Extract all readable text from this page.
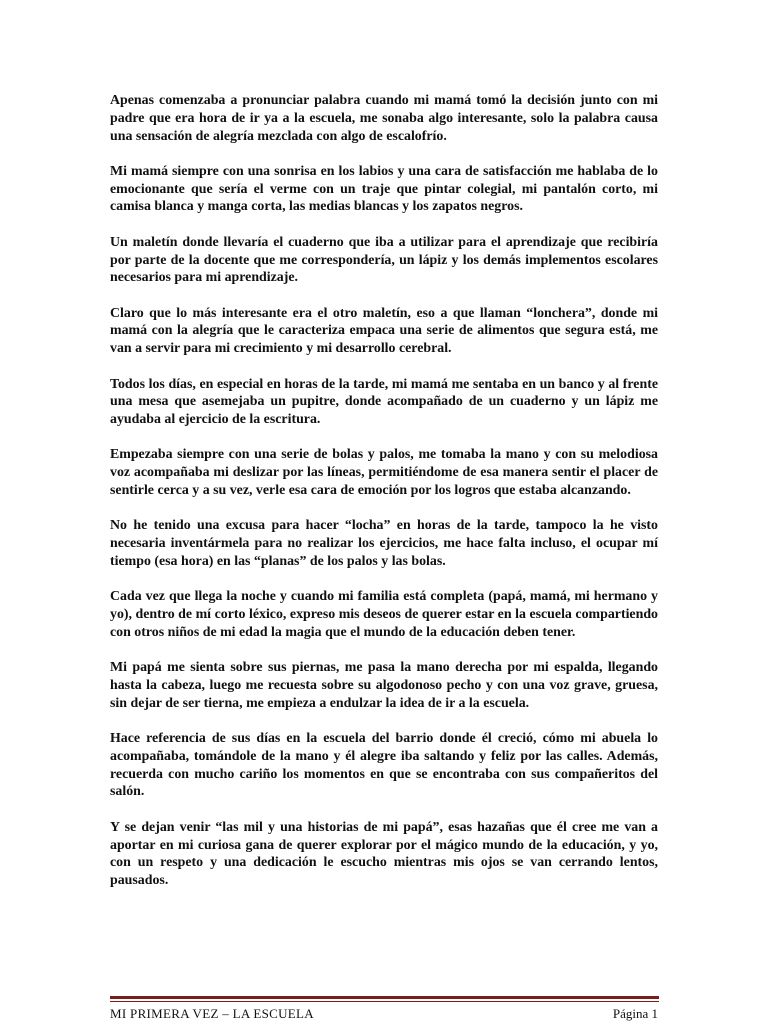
Apenas comenzaba a pronunciar palabra cuando mi mamá tomó la decisión junto con mi padre que era hora de ir ya a la escuela, me sonaba algo interesante, solo la palabra causa una sensación de alegría mezclada con algo de escalofrío.

Mi mamá siempre con una sonrisa en los labios y una cara de satisfacción me hablaba de lo emocionante que sería el verme con un traje que pintar colegial, mi pantalón corto, mi camisa blanca y manga corta, las medias blancas y los zapatos negros.

Un maletín donde llevaría el cuaderno que iba a utilizar para el aprendizaje que recibiría por parte de la docente que me correspondería, un lápiz y los demás implementos escolares necesarios para mi aprendizaje.

Claro que lo más interesante era el otro maletín, eso a que llaman “lonchera”, donde mi mamá con la alegría que le caracteriza empaca una serie de alimentos que segura está, me van a servir para mi crecimiento y mi desarrollo cerebral.

Todos los días, en especial en horas de la tarde, mi mamá me sentaba en un banco y al frente una mesa que asemejaba un pupitre, donde acompañado de un cuaderno y un lápiz me ayudaba al ejercicio de la escritura.

Empezaba siempre con una serie de bolas y palos, me tomaba la mano y con su melodiosa voz acompañaba mi deslizar por las líneas, permitiéndome de esa manera sentir el placer de sentirle cerca y a su vez, verle esa cara de emoción por los logros que estaba alcanzando.

No he tenido una excusa para hacer “locha” en horas de la tarde, tampoco la he visto necesaria inventármela para no realizar los ejercicios, me hace falta incluso, el ocupar mí tiempo (esa hora) en las “planas” de los palos y las bolas.

Cada vez que llega la noche y cuando mi familia está completa (papá, mamá, mi hermano y yo), dentro de mí corto léxico, expreso mis deseos de querer estar en la escuela compartiendo con otros niños de mi edad la magia que el mundo de la educación deben tener.

Mi papá me sienta sobre sus piernas, me pasa la mano derecha por mi espalda, llegando hasta la cabeza, luego me recuesta sobre su algodonoso pecho y con una voz grave, gruesa, sin dejar de ser tierna, me empieza a endulzar la idea de ir a la escuela.

Hace referencia de sus días en la escuela del barrio donde él creció, cómo mi abuela lo acompañaba, tomándole de la mano y él alegre iba saltando y feliz por las calles. Además, recuerda con mucho cariño los momentos en que se encontraba con sus compañeritos del salón.

Y se dejan venir “las mil y una historias de mi papá”, esas hazañas que él cree me van a aportar en mi curiosa gana de querer explorar por el mágico mundo de la educación, y yo, con un respeto y una dedicación le escucho mientras mis ojos se van cerrando lentos, pausados.

MI PRIMERA VEZ – LA ESCUELA	Página 1
